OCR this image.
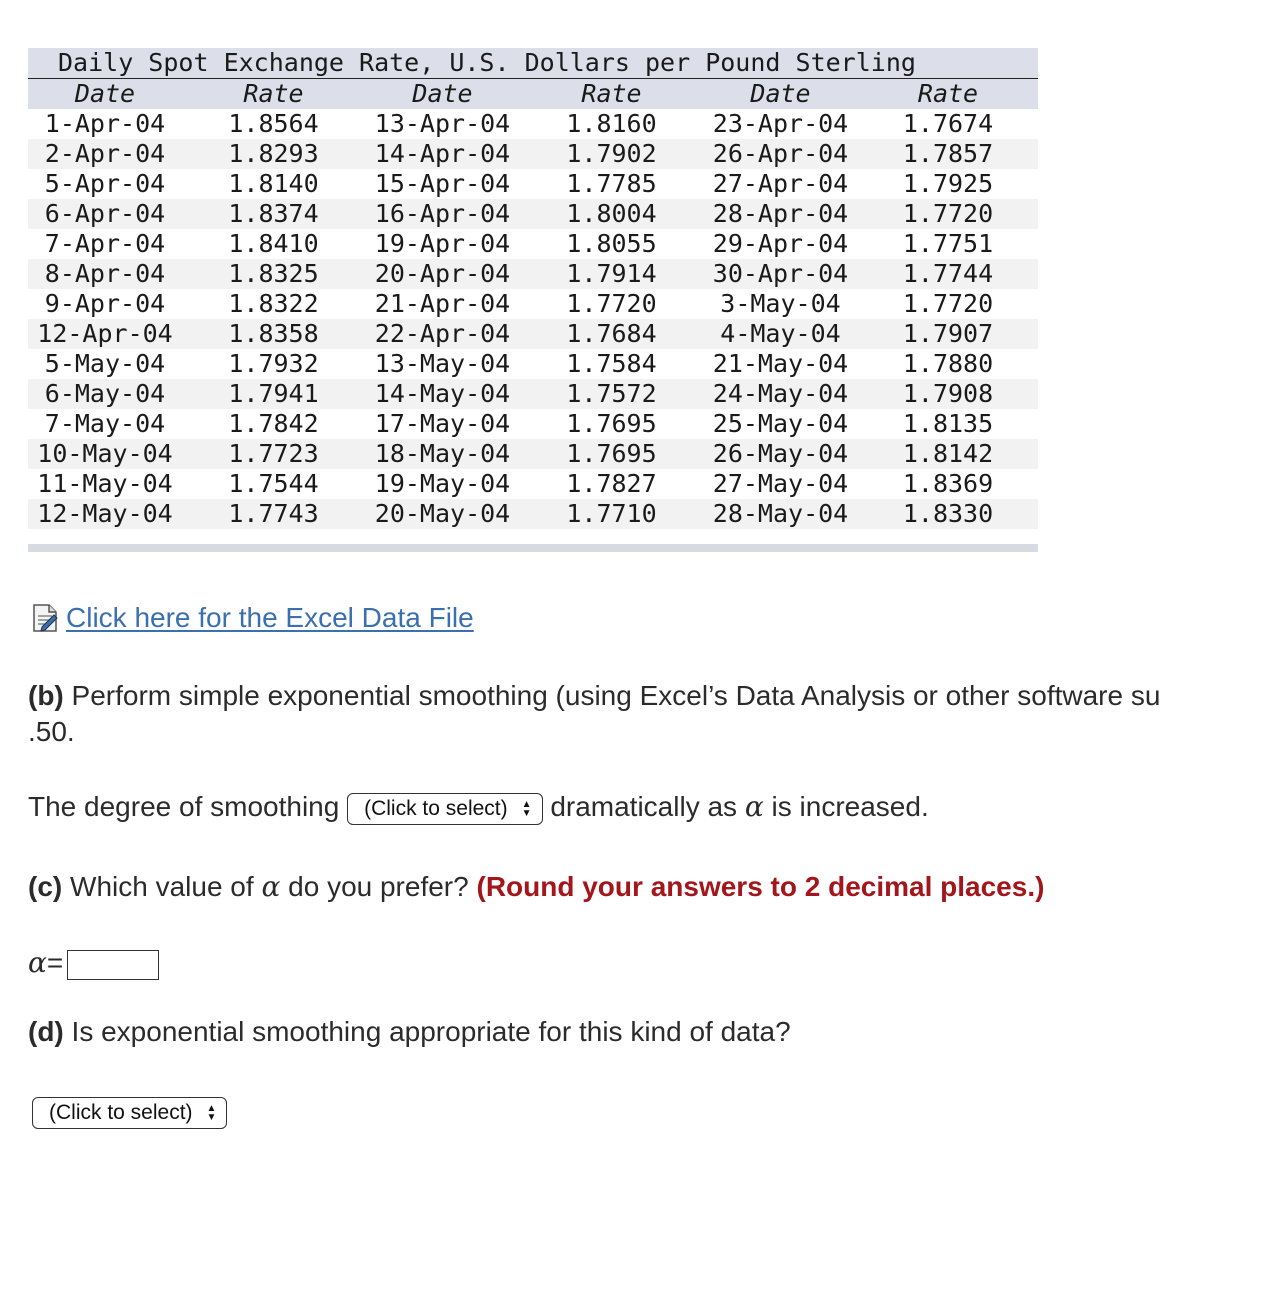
Daily Spot Exchange Rate, U.S. Dollars per Pound Sterling
Date	Rate	Date	Rate	Date	Rate
1-Apr-04	1.8564	13-Apr-04	1.8160	23-Apr-04	1.7674
2-Apr-04	1.8293	14-Apr-04	1.7902	26-Apr-04	1.7857
5-Apr-04	1.8140	15-Apr-04	1.7785	27-Apr-04	1.7925
6-Apr-04	1.8374	16-Apr-04	1.8004	28-Apr-04	1.7720
7-Apr-04	1.8410	19-Apr-04	1.8055	29-Apr-04	1.7751
8-Apr-04	1.8325	20-Apr-04	1.7914	30-Apr-04	1.7744
9-Apr-04	1.8322	21-Apr-04	1.7720	3-May-04	1.7720
12-Apr-04	1.8358	22-Apr-04	1.7684	4-May-04	1.7907
5-May-04	1.7932	13-May-04	1.7584	21-May-04	1.7880
6-May-04	1.7941	14-May-04	1.7572	24-May-04	1.7908
7-May-04	1.7842	17-May-04	1.7695	25-May-04	1.8135
10-May-04	1.7723	18-May-04	1.7695	26-May-04	1.8142
11-May-04	1.7544	19-May-04	1.7827	27-May-04	1.8369
12-May-04	1.7743	20-May-04	1.7710	28-May-04	1.8330
Click here for the Excel Data File
(b) Perform simple exponential smoothing (using Excel’s Data Analysis or other software su
.50.
The degree of smoothing (Click to select) ▲
▼ dramatically as α is increased.
(c) Which value of α do you prefer? (Round your answers to 2 decimal places.)
α=
(d) Is exponential smoothing appropriate for this kind of data?
(Click to select) ▲
▼
